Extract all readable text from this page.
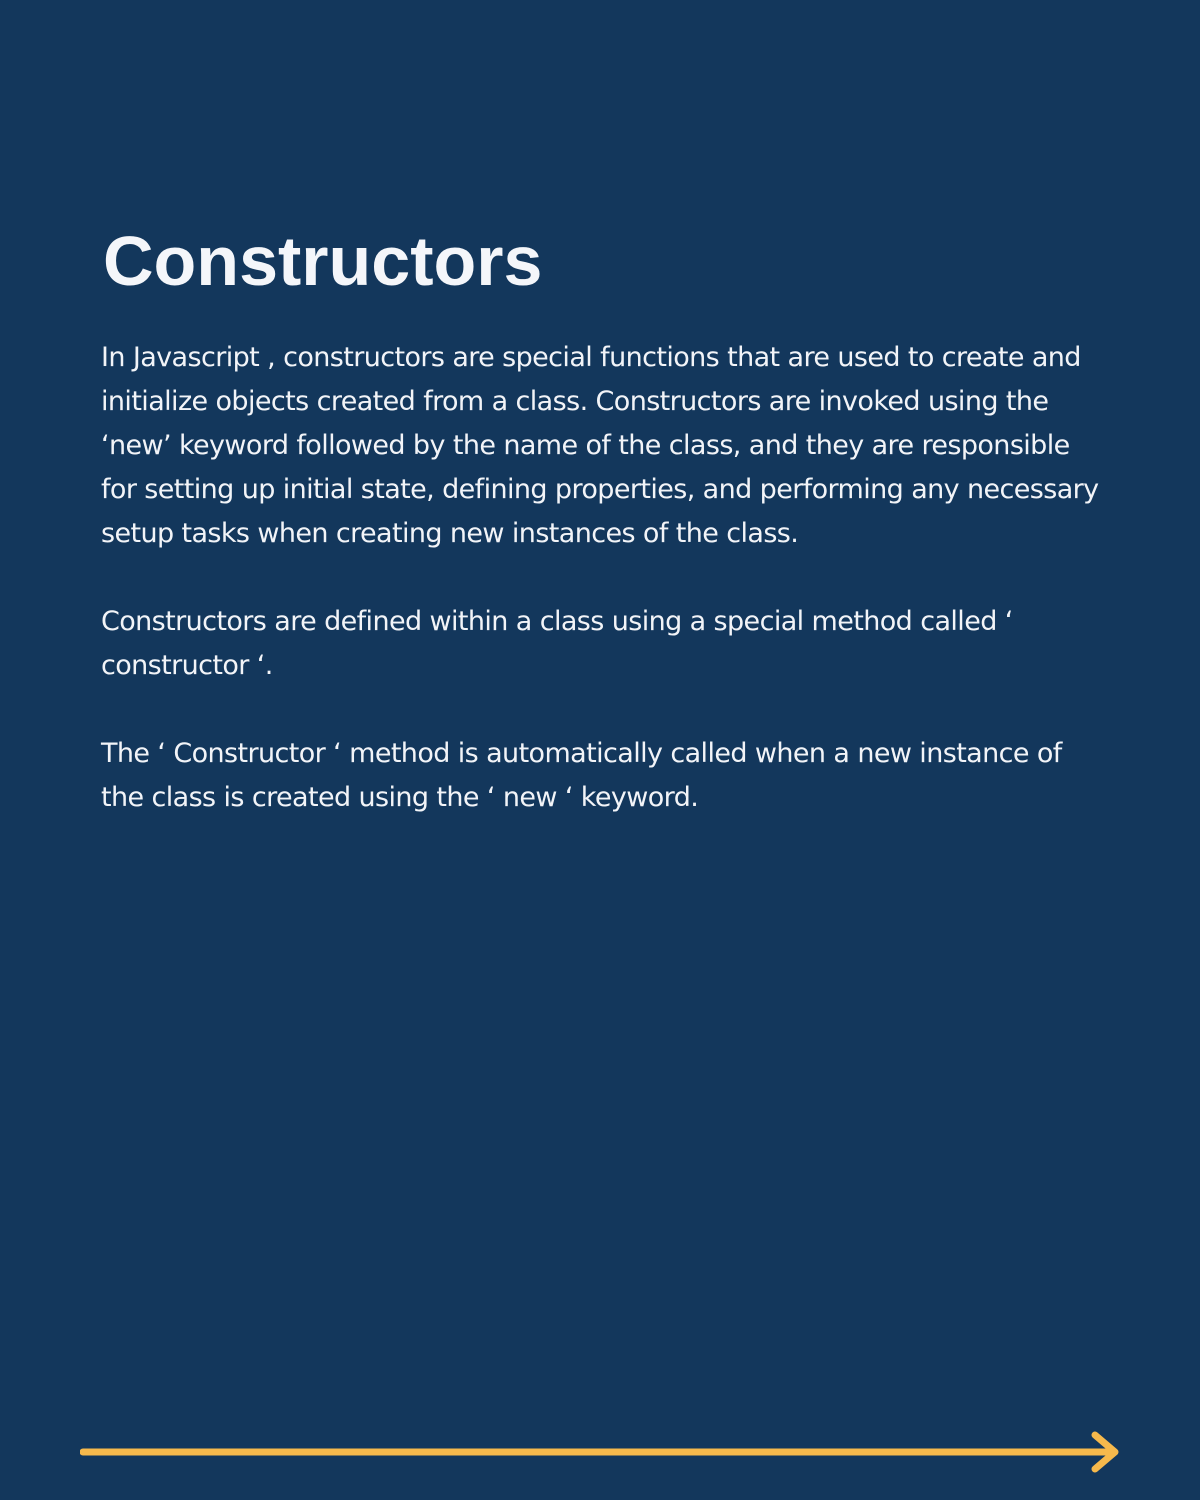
Constructors

In Javascript , constructors are special functions that are used to create and initialize objects created from a class. Constructors are invoked using the ‘new’ keyword followed by the name of the class, and they are responsible for setting up initial state, defining properties, and performing any necessary setup tasks when creating new instances of the class.

Constructors are defined within a class using a special method called ‘ constructor ‘.

The ‘ Constructor ‘ method is automatically called when a new instance of the class is created using the ‘ new ‘ keyword.
